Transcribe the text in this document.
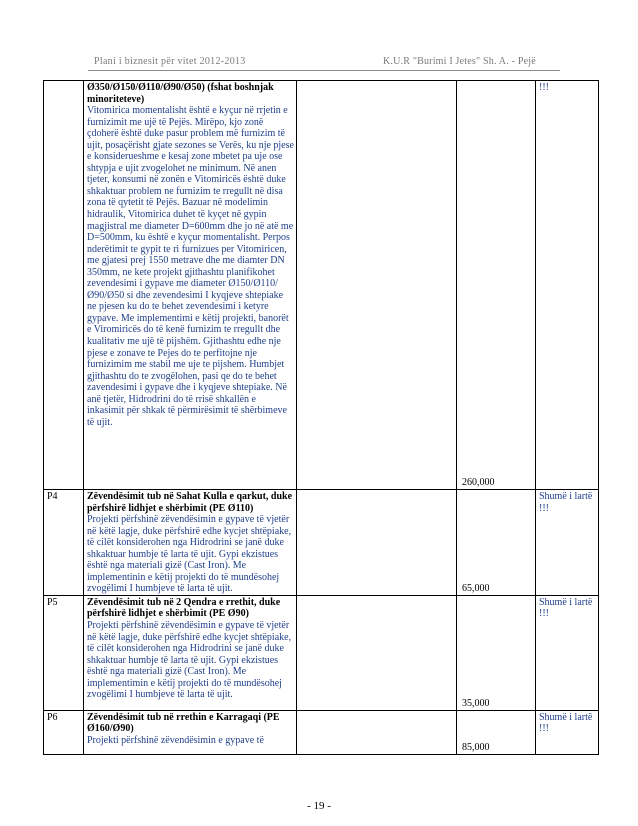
Plani i biznesit për vitet 2012-2013	K.U.R "Burimi I Jetes" Sh. A. - Pejë

	Ø350/Ø150/Ø110/Ø90/Ø50) (fshat boshnjak minoriteteve)
Vitomirica momentalisht është e kyçur në rrjetin e furnizimit me ujë të Pejës. Mirëpo, kjo zonë çdoherë është duke pasur problem më furnizim të ujit, posaçërisht gjate sezones se Verës, ku nje pjese e konsiderueshme e kesaj zone mbetet pa uje ose shtypja e ujit zvogelohet ne minimum. Në anen tjeter, konsumi në zonën e Vitomiricës është duke shkaktuar problem ne furnizim te rregullt në disa zona të qytetit të Pejës. Bazuar në modelimin hidraulik, Vitomirica duhet të kyçet në gypin magjistral me diameter D=600mm dhe jo në atë me D=500mm, ku është e kyçur momentalisht. Perpos nderëtimit te gypit te ri furnizues per Vitomiricen, me gjatesi prej 1550 metrave dhe me diamter DN 350mm, ne kete projekt gjithashtu planifikohet zevendesimi i gypave me diameter Ø150/Ø110/Ø90/Ø50 si dhe zevendesimi I kyqjeve shtepiake ne pjesen ku do te behet zevendesimi i ketyre gypave. Me implementimi e këtij projekti, banorët e Viromiricës do të kenë furnizim te rregullt dhe kualitativ me ujë të pijshëm. Gjithashtu edhe nje pjese e zonave te Pejes do te perfitojne nje furnizimim me stabil me uje te pijshem. Humbjet gjithashtu do te zvogëlohen, pasi qe do te behet zavendesimi i gypave dhe i kyqjeve shtepiake. Në anë tjetër, Hidrodrini do të rrisë shkallën e inkasimit për shkak të përmirësimit të shërbimeve të ujit.		260,000	!!!
P4	Zëvendësimit tub në Sahat Kulla e qarkut, duke përfshirë lidhjet e shërbimit (PE Ø110)
Projekti përfshinë zëvendësimin e gypave të vjetër në këtë lagje, duke përfshirë edhe kycjet shtëpiake, të cilët konsiderohen nga Hidrodrini se janë duke shkaktuar humbje të larta të ujit. Gypi ekzistues është nga materiali gizë (Cast Iron). Me implementinin e këtij projekti do të mundësohej zvogëlimi I humbjeve të larta të ujit.		65,000	Shumë i lartë !!!
P5	Zëvendësimit tub në 2 Qendra e rrethit, duke përfshirë lidhjet e shërbimit (PE Ø90)
Projekti përfshinë zëvendësimin e gypave të vjetër në këtë lagje, duke përfshirë edhe kycjet shtëpiake, të cilët konsiderohen nga Hidrodrini se janë duke shkaktuar humbje të larta të ujit. Gypi ekzistues është nga materiali gizë (Cast Iron). Me implementimin e këtij projekti do të mundësohej zvogëlimi I humbjeve të larta të ujit.		35,000	Shumë i lartë !!!
P6	Zëvendësimit tub në rrethin e Karragaqi (PE Ø160/Ø90)
Projekti përfshinë zëvendësimin e gypave të		85,000	Shumë i lartë !!!
- 19 -
